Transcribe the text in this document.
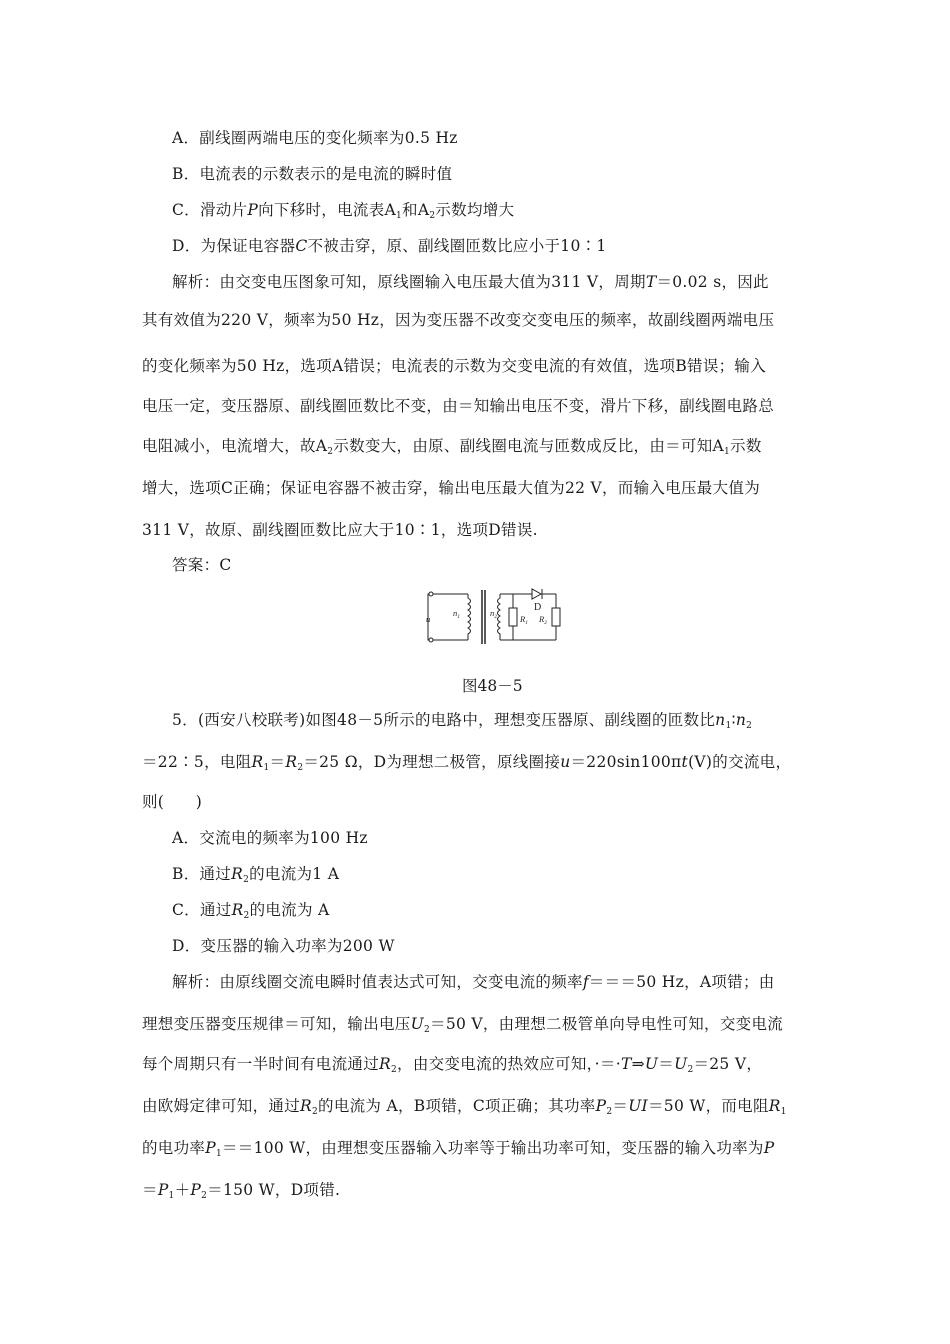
A．副线圈两端电压的变化频率为0.5 Hz
B．电流表的示数表示的是电流的瞬时值
C．滑动片P向下移时，电流表$A_1$和$A_2$示数均增大
D．为保证电容器C不被击穿，原、副线圈匝数比应小于10∶1
解析：由交变电压图象可知，原线圈输入电压最大值为311 V，周期T＝0.02 s，因此
其有效值为220 V，频率为50 Hz，因为变压器不改变交变电压的频率，故副线圈两端电压
的变化频率为50 Hz，选项A错误；电流表的示数为交变电流的有效值，选项B错误；输入
电压一定，变压器原、副线圈匝数比不变，由＝知输出电压不变，滑片下移，副线圈电路总
电阻减小，电流增大，故$A_2$示数变大，由原、副线圈电流与匝数成反比，由＝可知$A_1$示数
增大，选项C正确；保证电容器不被击穿，输出电压最大值为22 V，而输入电压最大值为
311 V，故原、副线圈匝数比应大于10∶1，选项D错误.
答案：C
u
$n_1$	$n_2$
D
$R_1$ $R_2$
图48－5
5．(西安八校联考)如图48－5所示的电路中，理想变压器原、副线圈的匝数比$n_1∶n_2$
＝22∶5，电阻$R_1=R_2=25$ Ω，D为理想二极管，原线圈接u＝220sin100πt(V)的交流电，
则(　　)
A．交流电的频率为100 Hz
B．通过$R_2$的电流为1 A
C．通过$R_2$的电流为 A
D．变压器的输入功率为200 W
解析：由原线圈交流电瞬时值表达式可知，交变电流的频率f＝＝＝50 Hz，A项错；由
理想变压器变压规律＝可知，输出电压$U_2=50$ V，由理想二极管单向导电性可知，交变电流
每个周期只有一半时间有电流通过$R_2$，由交变电流的热效应可知，$\cdot=\cdot T\Rightarrow U=U_2=25$ V，
由欧姆定律可知，通过$R_2$的电流为 A，B项错，C项正确；其功率$P_2=UI=50$ W，而电阻$R_1$
的电功率$P_1==100$ W，由理想变压器输入功率等于输出功率可知，变压器的输入功率为P
$=P_1+P_2=150$ W，D项错.
